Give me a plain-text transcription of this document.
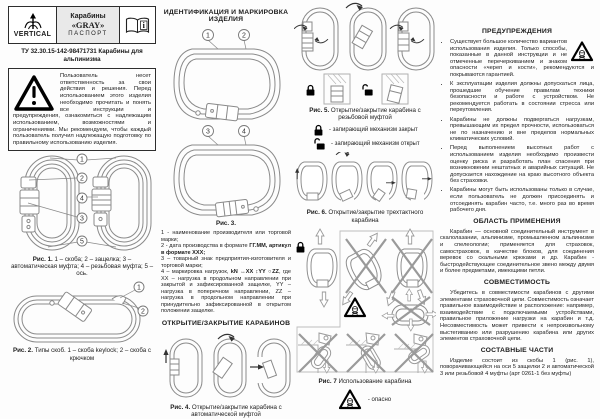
VERTICAL
Карабины
«GRAY»
ПАСПОРТ
i
ТУ 32.30.15-142-98471731 Карабины для альпинизма
Пользователь несет ответственность за свои действия и решения. Перед использованием этого изделия необходимо прочитать и понять все инструкции и предупреждения, ознакомиться с надлежащим использованием, возможностями и ограничениями. Мы рекомендуем, чтобы каждый пользователь получил надлежащую подготовку по правильному использованию изделия.
1
2
4
3
5
Рис. 1. 1 – скоба; 2 – защелка; 3 – автоматическая муфта; 4 – резьбовая муфта; 5 – ось.
1
2
Рис. 2. Типы скоб. 1 – скоба keylock; 2 – скоба с крючком
ИДЕНТИФИКАЦИЯ И МАРКИРОВКА ИЗДЕЛИЯ
1	2
3	4
Рис. 3.

1 - наименование производителя или торговой марки;

2 - дата производства в формате ГГ.ММ, артикул в формате XXX;

3 – товарный знак предприятия-изготовителя и торговой марки;

4 – маркировка нагрузок, kN ↔XX ↕YY ○ZZ, где XX – нагрузка в продольном направлении при закрытой и зафиксированной защелке, YY – нагрузка в поперечном направлении, ZZ – нагрузка в продольном направлении при принудительно зафиксированной в открытом положении защелке.

ОТКРЫТИЕ/ЗАКРЫТИЕ КАРАБИНОВ
Рис. 4. Открытие/закрытие карабина с автоматической муфтой
Рис. 5. Открытие/закрытие карабина с резьбовой муфтой
- запирающий механизм закрыт
- запирающий механизм открыт
Рис. 6. Открытие/закрытие трехтактного карабина
Рис. 7 Использование карабина
- опасно
ПРЕДУПРЕЖДЕНИЯ
• Существует большое количество вариантов использования изделия. Только способы, показанные в данной инструкции и не отмеченные перечеркиванием и знаком опасности «череп и кости», рекомендуются и покрываются гарантией.
• К эксплуатации изделия должны допускаться лица, прошедшие обучение правилам техники безопасности и работе с устройством. Не рекомендуется работать в состоянии стресса или переутомления.
• Карабины не должны подвергаться нагрузкам, превышающим их предел прочности, использоваться не по назначению и вне пределов нормальных климатических условий.
• Перед выполнением высотных работ с использованием изделия необходимо произвести оценку риска и разработать план спасения при возникновении нештатных и аварийных ситуаций. Не допускается нахождение на краю высотного объекта без страховки.
• Карабины могут быть использованы только в случае, если пользователь не должен присоединять и отсоединять карабин часто, т.е. много раз во время рабочего дня.
ОБЛАСТЬ ПРИМЕНЕНИЯ

Карабин — основной соединительный инструмент в скалолазании, альпинизме, промышленном альпинизме и спелеологии; применяется для страховок, самостраховок, в качестве блоков, для соединения веревок со скальными крюками и др. Карабин - быстродействующее соединительное звено между двумя и более предметами, имеющими петли.

СОВМЕСТИМОСТЬ

Убедитесь в совместимости карабинов с другими элементами страховочной цепи. Совместимость означает правильное взаимодействие и расположение: например, взаимодействие с подключаемыми устройствами, правильное приложение нагрузки на карабин и т.д. Несовместимость может привести к непроизвольному выстегиванию или разрушению карабина или других элементов страховочной цепи.

СОСТАВНЫЕ ЧАСТИ

Изделие состоит из скобы 1 (рис. 1), поворачивающейся на оси 5 защелки 2 и автоматической 3 или резьбовой 4 муфты (арт 0261-1 без муфты)
